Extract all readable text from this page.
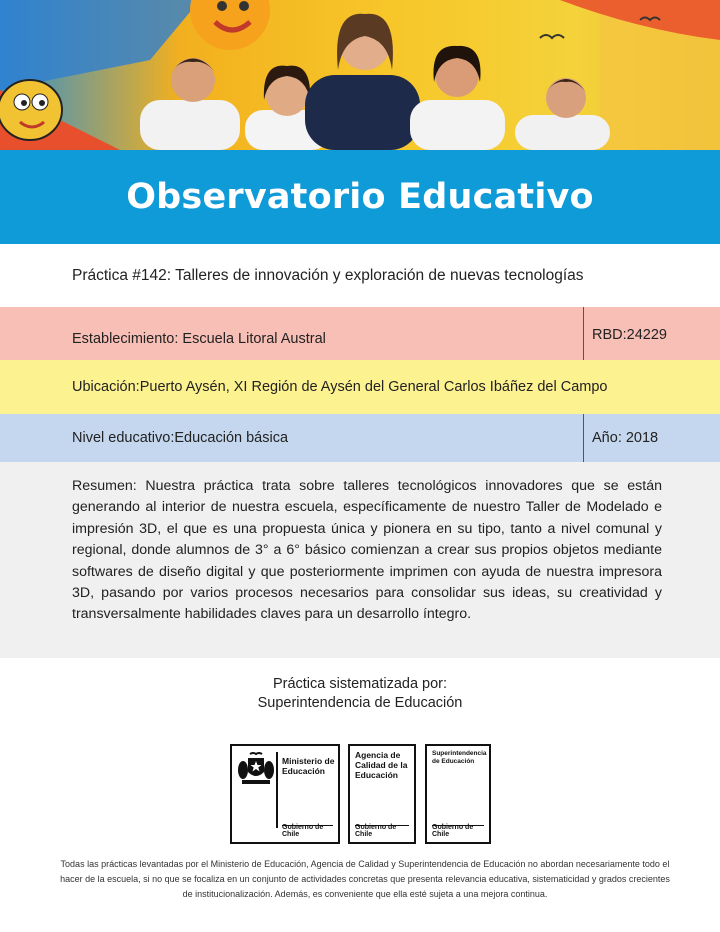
Observatorio Educativo

Práctica #142: Talleres de innovación y exploración de nuevas tecnologías

Establecimiento : Escuela Litoral Austral	RBD: 24229
Ubicación: Puerto Aysén, XI Región de Aysén del General Carlos Ibáñez del Campo
Nivel educativo: Educación básica	Año : 2018

Resumen: Nuestra práctica trata sobre talleres tecnológicos innovadores que se están generando al interior de nuestra escuela, específicamente de nuestro Taller de Modelado e impresión 3D, el que es una propuesta única y pionera en su tipo, tanto a nivel comunal y regional, donde alumnos de 3° a 6° básico comienzan a crear sus propios objetos mediante softwares de diseño digital y que posteriormente imprimen con ayuda de nuestra impresora 3D, pasando por varios procesos necesarios para consolidar sus ideas, su creatividad y transversalmente habilidades claves para un desarrollo íntegro.

Práctica sistematizada por:
Superintendencia de Educación
Ministerio de
Educación
Gobierno de Chile
Agencia de
Calidad de la
Educación
Gobierno de Chile
Superintendencia
de Educación
Gobierno de Chile
Todas las prácticas levantadas por el Ministerio de Educación, Agencia de Calidad y Superintendencia de Educación no abordan necesariamente todo el hacer de la escuela, si no que se focaliza en un conjunto de actividades concretas que presenta relevancia educativa, sistematicidad y grados crecientes de institucionalización. Además, es conveniente que ella esté sujeta a una mejora continua.
